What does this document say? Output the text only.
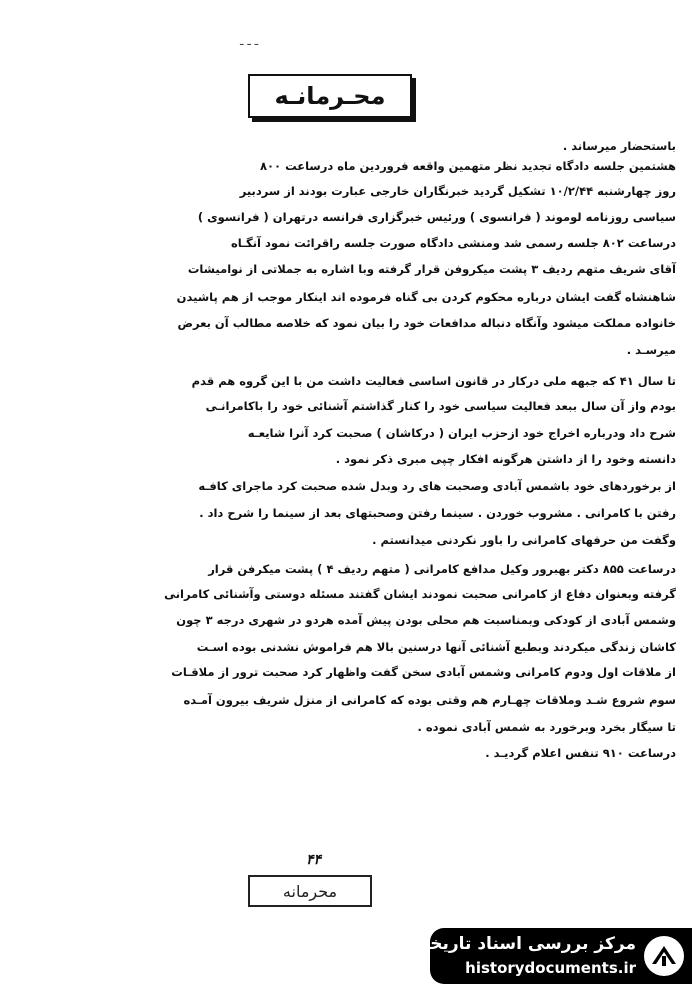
ـ ـ ـ
محـرمانـه
باستحضار میرساند .
هشتمین جلسه دادگاه تجدید نظر متهمین واقعه فروردین ماه درساعت ۸۰۰
روز چهارشنبه ۱۰/۲/۴۴ تشکیل گردید خبرنگاران خارجی عبارت بودند از سردبیر
سیاسی روزنامه لوموند ( فرانسوی ) ورئیس خبرگزاری فرانسه درتهران ( فرانسوی )
درساعت ۸۰۲ جلسه رسمی شد ومنشی دادگاه صورت جلسه راقرائت نمود آنگـاه
آقای شریف متهم ردیف ۳ پشت میکروفن قرار گرفته وبا اشاره به جملاتی از نوامیشات
شاهنشاه گفت ایشان درباره محکوم کردن بی گناه فرموده اند اینکار موجب از هم پاشیدن
خانواده مملکت میشود وآنگاه دنباله مدافعات خود را بیان نمود که خلاصه مطالب آن بعرض
میرسـد .
تا سال ۴۱ که جبهه ملی درکار در قانون اساسی فعالیت داشت من با این گروه هم قدم
بودم واز آن سال ببعد فعالیت سیاسی خود را کنار گذاشتم آشنائی خود را باکامرانـی
شرح داد ودرباره اخراج خود ازحزب ایران ( درکاشان ) صحبت کرد آنرا شایعـه
دانسته وخود را از داشتن هرگونه افکار چپی مبری ذکر نمود .
از برخوردهای خود باشمس آبادی وصحبت های رد وبدل شده صحبت کرد ماجرای کافـه
رفتن با کامرانی . مشروب خوردن . سینما رفتن وصحبتهای بعد از سینما را شرح داد .
وگفت من حرفهای کامرانی را باور نکردنی میدانستم .
درساعت ۸۵۵ دکتر بهبرور وکیل مدافع کامرانی ( متهم ردیف ۴ ) پشت میکرفن قرار
گرفته وبعنوان دفاع از کامرانی صحبت نمودند ایشان گفتند مسئله دوستی وآشنائی کامرانی
وشمس آبادی از کودکی وبمناسبت هم محلی بودن پیش آمده هردو در شهری درجه ۳ چون
کاشان زندگی میکردند وبطبع آشنائی آنها درسنین بالا هم فراموش نشدنی بوده اسـت
از ملاقات اول ودوم کامرانی وشمس آبادی سخن گفت واظهار کرد صحبت ترور از ملاقـات
سوم شروع شـد وملاقات چهـارم هم وقتی بوده که کامرانی از منزل شریف بیرون آمـده
تا سیگار بخرد وبرخورد به شمس آبادی نموده .
درساعت ۹۱۰ تنفس اعلام گردیـد .
۴۴
محرمانه
مرکز بررسی اسناد تاریخی
historydocuments.ir
